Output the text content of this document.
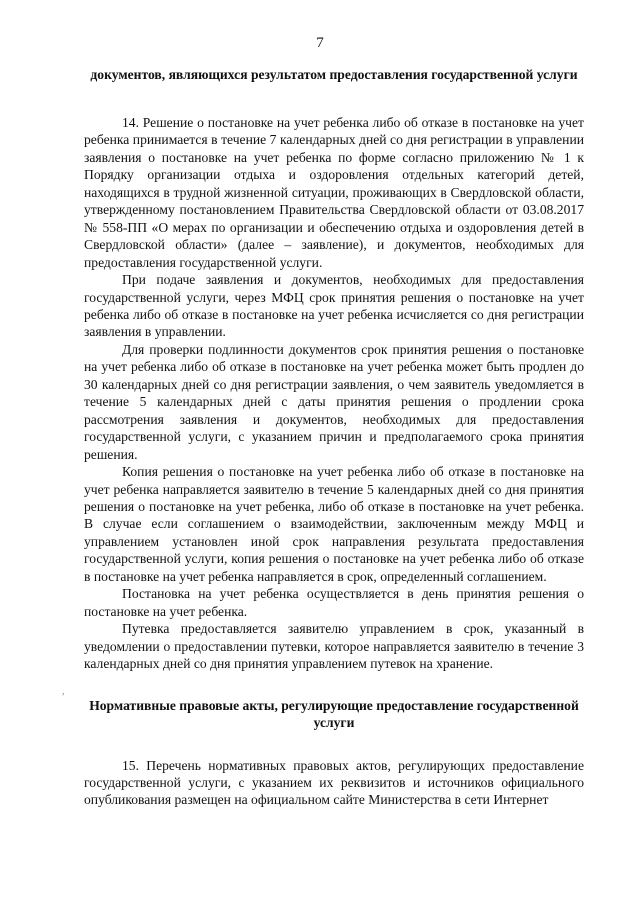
7

документов, являющихся результатом предоставления государственной услуги

14. Решение о постановке на учет ребенка либо об отказе в постановке на учет ребенка принимается в течение 7 календарных дней со дня регистрации в управлении заявления о постановке на учет ребенка по форме согласно приложению № 1 к Порядку организации отдыха и оздоровления отдельных категорий детей, находящихся в трудной жизненной ситуации, проживающих в Свердловской области, утвержденному постановлением Правительства Свердловской области от 03.08.2017 № 558-ПП «О мерах по организации и обеспечению отдыха и оздоровления детей в Свердловской области» (далее – заявление), и документов, необходимых для предоставления государственной услуги.

При подаче заявления и документов, необходимых для предоставления государственной услуги, через МФЦ срок принятия решения о постановке на учет ребенка либо об отказе в постановке на учет ребенка исчисляется со дня регистрации заявления в управлении.

Для проверки подлинности документов срок принятия решения о постановке на учет ребенка либо об отказе в постановке на учет ребенка может быть продлен до 30 календарных дней со дня регистрации заявления, о чем заявитель уведомляется в течение 5 календарных дней с даты принятия решения о продлении срока рассмотрения заявления и документов, необходимых для предоставления государственной услуги, с указанием причин и предполагаемого срока принятия решения.

Копия решения о постановке на учет ребенка либо об отказе в постановке на учет ребенка направляется заявителю в течение 5 календарных дней со дня принятия решения о постановке на учет ребенка, либо об отказе в постановке на учет ребенка. В случае если соглашением о взаимодействии, заключенным между МФЦ и управлением установлен иной срок направления результата предоставления государственной услуги, копия решения о постановке на учет ребенка либо об отказе в постановке на учет ребенка направляется в срок, определенный соглашением.

Постановка на учет ребенка осуществляется в день принятия решения о постановке на учет ребенка.

Путевка предоставляется заявителю управлением в срок, указанный в уведомлении о предоставлении путевки, которое направляется заявителю в течение 3 календарных дней со дня принятия управлением путевок на хранение.

Нормативные правовые акты, регулирующие предоставление государственной услуги

15. Перечень нормативных правовых актов, регулирующих предоставление государственной услуги, с указанием их реквизитов и источников официального опубликования размещен на официальном сайте Министерства в сети Интернет

,
